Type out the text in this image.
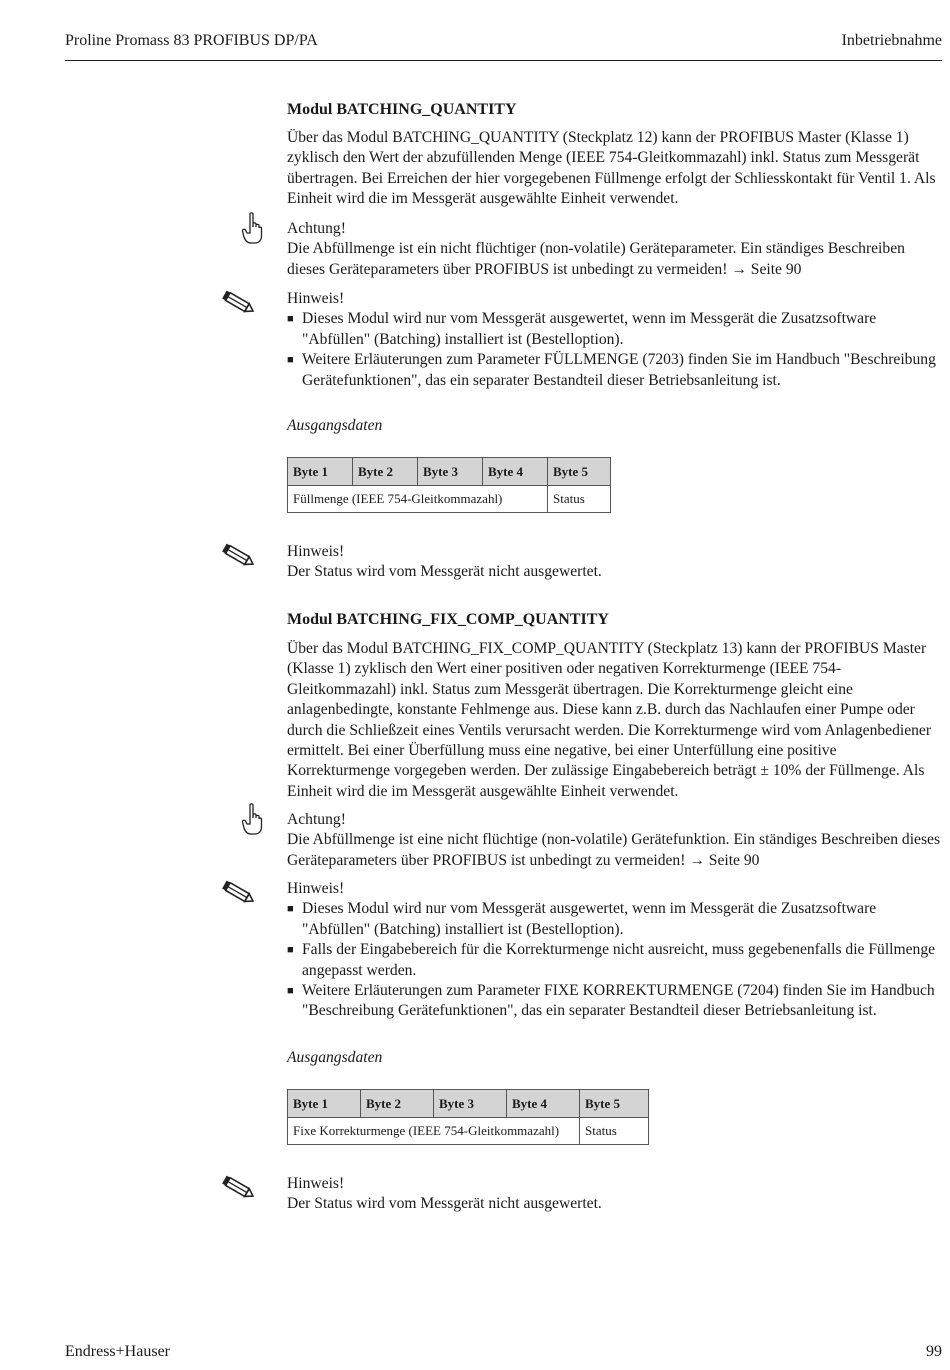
Proline Promass 83 PROFIBUS DP/PA	Inbetriebnahme
Modul BATCHING_QUANTITY

Über das Modul BATCHING_QUANTITY (Steckplatz 12) kann der PROFIBUS Master (Klasse 1) zyklisch den Wert der abzufüllenden Menge (IEEE 754-Gleitkommazahl) inkl. Status zum Messgerät übertragen. Bei Erreichen der hier vorgegebenen Füllmenge erfolgt der Schliesskontakt für Ventil 1. Als Einheit wird die im Messgerät ausgewählte Einheit verwendet.

Achtung!

Die Abfüllmenge ist ein nicht flüchtiger (non-volatile) Geräteparameter. Ein ständiges Beschreiben dieses Geräteparameters über PROFIBUS ist unbedingt zu vermeiden! → Seite 90

Hinweis!

■ Dieses Modul wird nur vom Messgerät ausgewertet, wenn im Messgerät die Zusatzsoftware "Abfüllen" (Batching) installiert ist (Bestelloption).
■ Weitere Erläuterungen zum Parameter FÜLLMENGE (7203) finden Sie im Handbuch "Beschreibung Gerätefunktionen", das ein separater Bestandteil dieser Betriebsanleitung ist.
Ausgangsdaten
Byte 1	Byte 2	Byte 3	Byte 4	Byte 5
Füllmenge (IEEE 754-Gleitkommazahl)				Status

Hinweis!

Der Status wird vom Messgerät nicht ausgewertet.

Modul BATCHING_FIX_COMP_QUANTITY

Über das Modul BATCHING_FIX_COMP_QUANTITY (Steckplatz 13) kann der PROFIBUS Master (Klasse 1) zyklisch den Wert einer positiven oder negativen Korrekturmenge (IEEE 754-Gleitkommazahl) inkl. Status zum Messgerät übertragen. Die Korrekturmenge gleicht eine anlagenbedingte, konstante Fehlmenge aus. Diese kann z.B. durch das Nachlaufen einer Pumpe oder durch die Schließzeit eines Ventils verursacht werden. Die Korrekturmenge wird vom Anlagenbediener ermittelt. Bei einer Überfüllung muss eine negative, bei einer Unterfüllung eine positive Korrekturmenge vorgegeben werden. Der zulässige Eingabebereich beträgt ± 10% der Füllmenge. Als Einheit wird die im Messgerät ausgewählte Einheit verwendet.

Achtung!

Die Abfüllmenge ist eine nicht flüchtige (non-volatile) Gerätefunktion. Ein ständiges Beschreiben dieses Geräteparameters über PROFIBUS ist unbedingt zu vermeiden! → Seite 90

Hinweis!

■ Dieses Modul wird nur vom Messgerät ausgewertet, wenn im Messgerät die Zusatzsoftware "Abfüllen" (Batching) installiert ist (Bestelloption).
■ Falls der Eingabebereich für die Korrekturmenge nicht ausreicht, muss gegebenenfalls die Füllmenge angepasst werden.
■ Weitere Erläuterungen zum Parameter FIXE KORREKTURMENGE (7204) finden Sie im Handbuch "Beschreibung Gerätefunktionen", das ein separater Bestandteil dieser Betriebsanleitung ist.
Ausgangsdaten
Byte 1	Byte 2	Byte 3	Byte 4	Byte 5
Fixe Korrekturmenge (IEEE 754-Gleitkommazahl)				Status

Hinweis!

Der Status wird vom Messgerät nicht ausgewertet.

Endress+Hauser	99
